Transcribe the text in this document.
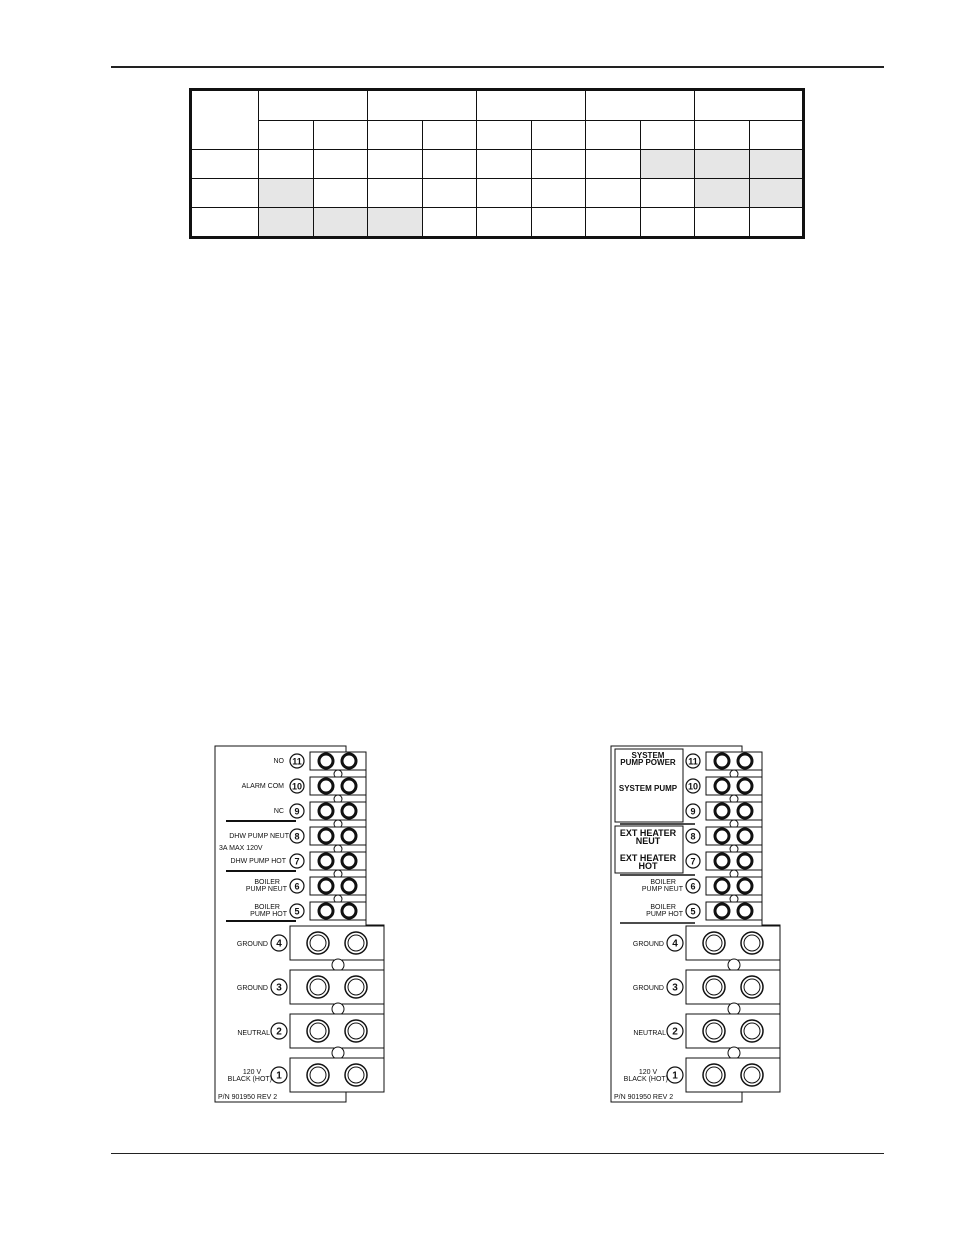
11
10
9
8
7
6
5
4
3
2
1
NO
ALARM COM
NC
DHW PUMP NEUT
3A MAX 120V
DHW PUMP HOT
BOILER
PUMP NEUT
BOILER
PUMP HOT
GROUND
GROUND
NEUTRAL
120 V
BLACK (HOT)
P/N 901950 REV 2
11
10
9
8
7
6
5
4
3
2
1
SYSTEM
PUMP POWER
SYSTEM PUMP
EXT HEATER
NEUT
EXT HEATER
HOT
BOILER
PUMP NEUT
BOILER
PUMP HOT
GROUND
GROUND
NEUTRAL
120 V
BLACK (HOT)
P/N 901950 REV 2
